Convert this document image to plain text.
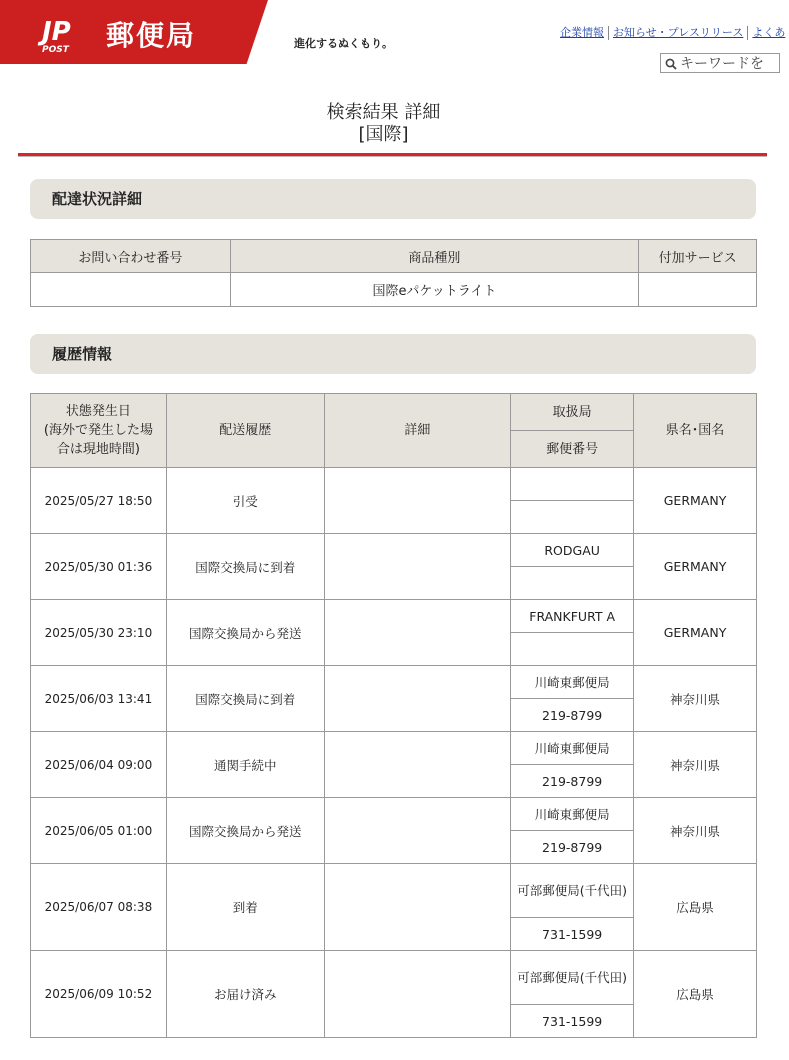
JP
POST 郵便局	進化するぬくもり。
企業情報 お知らせ・プレスリリース よくあ
キーワードを
検索結果 詳細
[国際]
配達状況詳細
お問い合わせ番号	商品種別	付加サービス
	国際eパケットライト	
履歴情報
状態発生日
(海外で発生した場
合は現地時間)	配送履歴	詳細	取扱局	県名･国名
			郵便番号	
2025/05/27 18:50	引受			GERMANY

2025/05/30 01:36	国際交換局に到着		RODGAU	GERMANY

2025/05/30 23:10	国際交換局から発送		FRANKFURT A	GERMANY

2025/06/03 13:41	国際交換局に到着		川崎東郵便局	神奈川県
			219-8799	
2025/06/04 09:00	通関手続中		川崎東郵便局	神奈川県
			219-8799	
2025/06/05 01:00	国際交換局から発送		川崎東郵便局	神奈川県
			219-8799	
2025/06/07 08:38	到着		可部郵便局(千代田)	広島県
			731-1599	
2025/06/09 10:52	お届け済み		可部郵便局(千代田)	広島県
			731-1599	
